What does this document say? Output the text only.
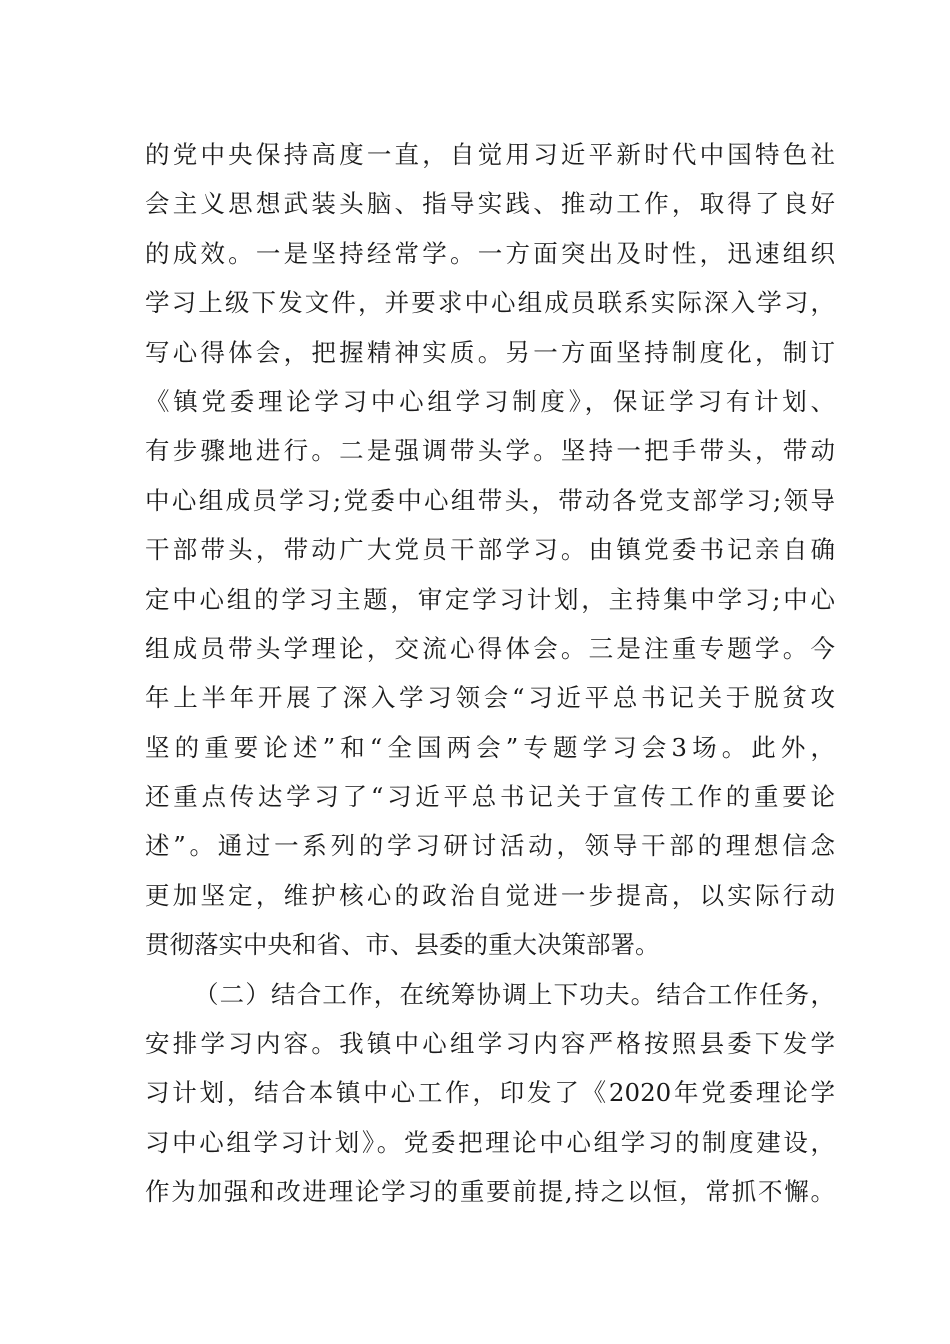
的党中央保持高度一直，自觉用习近平新时代中国特色社
会主义思想武装头脑、指导实践、推动工作，取得了良好
的成效。一是坚持经常学。一方面突出及时性，迅速组织
学习上级下发文件，并要求中心组成员联系实际深入学习，
写心得体会，把握精神实质。另一方面坚持制度化，制订
《镇党委理论学习中心组学习制度》，保证学习有计划、
有步骤地进行。二是强调带头学。坚持一把手带头，带动
中心组成员学习;党委中心组带头，带动各党支部学习;领导
干部带头，带动广大党员干部学习。由镇党委书记亲自确
定中心组的学习主题，审定学习计划，主持集中学习;中心
组成员带头学理论，交流心得体会。三是注重专题学。今
年上半年开展了深入学习领会“习近平总书记关于脱贫攻
坚的重要论述”和“全国两会”专题学习会3场。此外，
还重点传达学习了“习近平总书记关于宣传工作的重要论
述”。通过一系列的学习研讨活动，领导干部的理想信念
更加坚定，维护核心的政治自觉进一步提高，以实际行动
贯彻落实中央和省、市、县委的重大决策部署。
（二）结合工作，在统筹协调上下功夫。结合工作任务，
安排学习内容。我镇中心组学习内容严格按照县委下发学
习计划，结合本镇中心工作，印发了《2020年党委理论学
习中心组学习计划》。党委把理论中心组学习的制度建设，
作为加强和改进理论学习的重要前提,持之以恒，常抓不懈。
